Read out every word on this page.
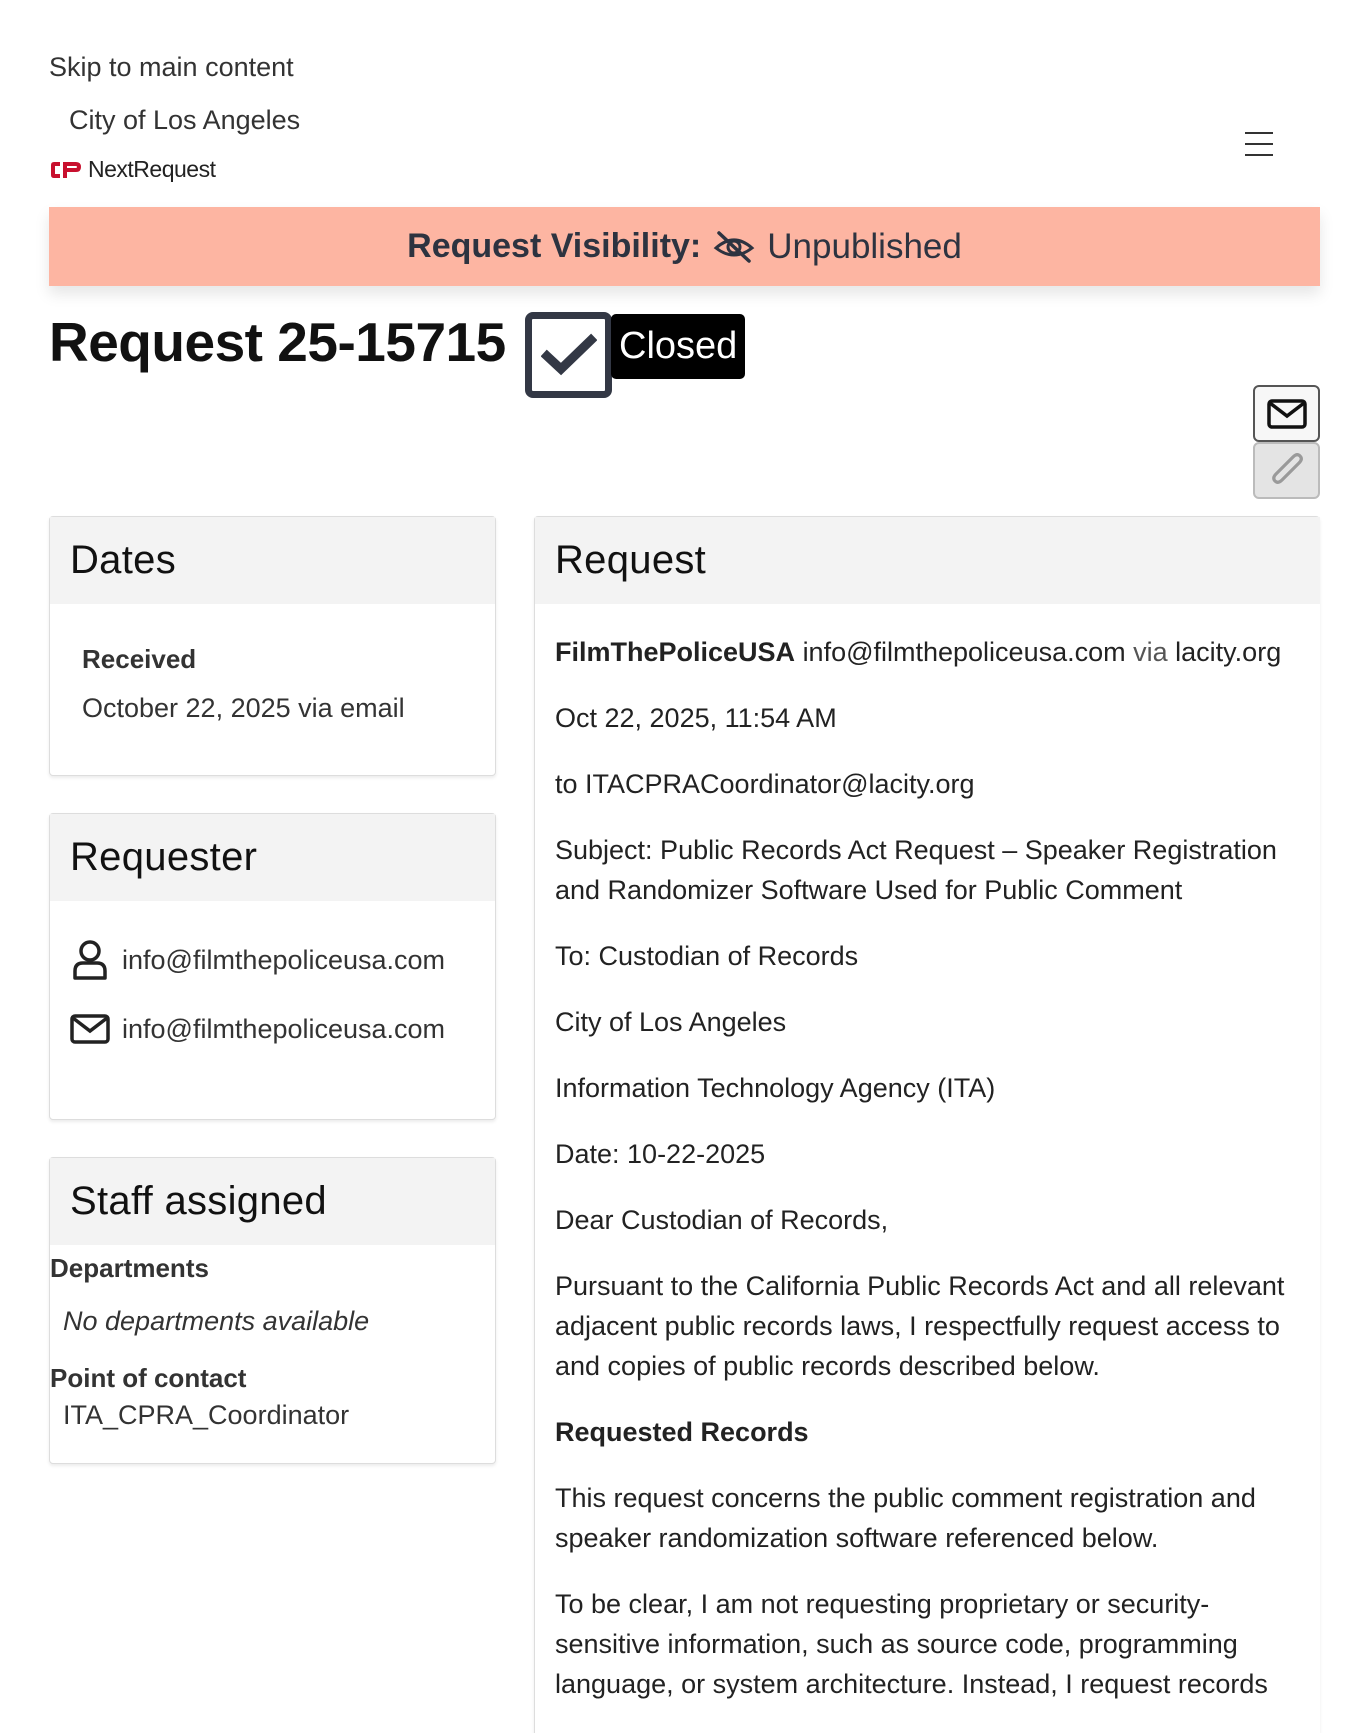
Skip to main content
City of Los Angeles
NextRequest
Request Visibility: Unpublished
Request 25-15715	Closed
Dates
Received
October 22, 2025 via email
Requester
info@filmthepoliceusa.com
info@filmthepoliceusa.com
Staff assigned
Departments
No departments available
Point of contact
ITA_CPRA_Coordinator
Request

FilmThePoliceUSA info@filmthepoliceusa.com via lacity.org

Oct 22, 2025, 11:54 AM

to ITACPRACoordinator@lacity.org

Subject: Public Records Act Request – Speaker Registration and Randomizer Software Used for Public Comment

To: Custodian of Records

City of Los Angeles

Information Technology Agency (ITA)

Date: 10-22-2025

Dear Custodian of Records,

Pursuant to the California Public Records Act and all relevant adjacent public records laws, I respectfully request access to and copies of public records described below.

Requested Records

This request concerns the public comment registration and speaker randomization software referenced below.

To be clear, I am not requesting proprietary or security-sensitive information, such as source code, programming language, or system architecture. Instead, I request records
